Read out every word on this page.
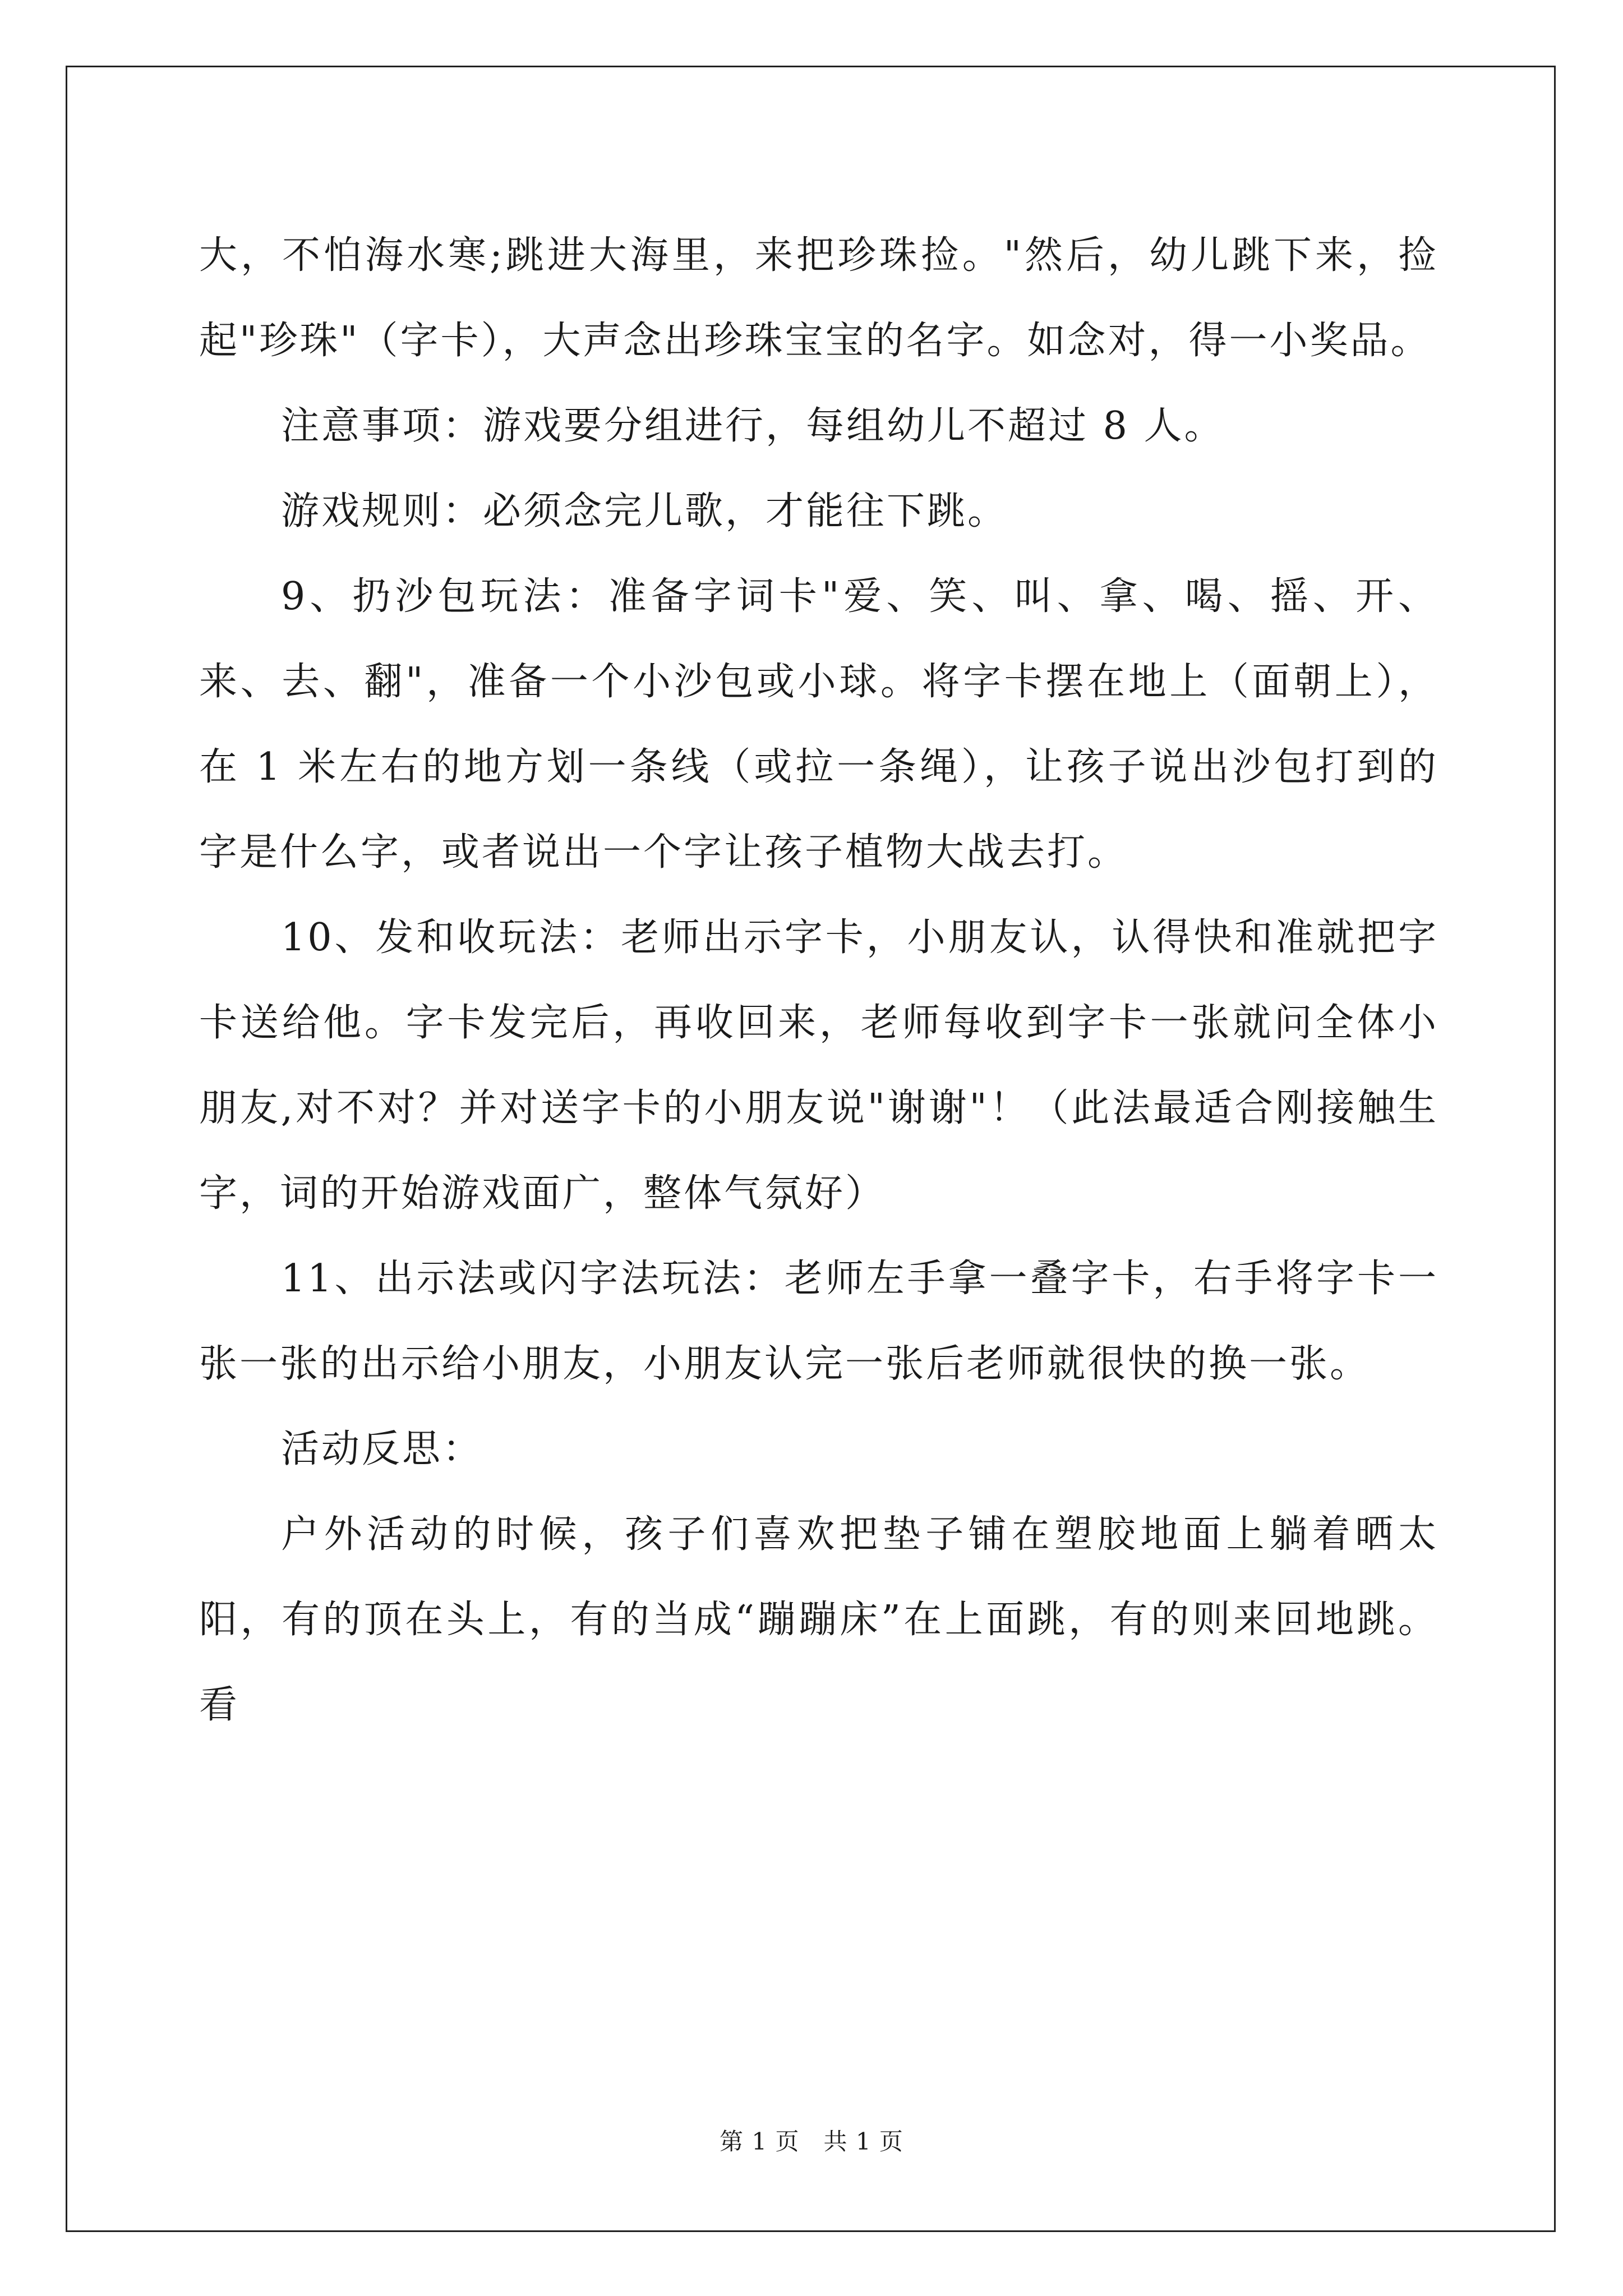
大，不怕海水寒;跳进大海里，来把珍珠捡。"然后，幼儿跳下来，捡起"珍珠"（字卡），大声念出珍珠宝宝的名字。如念对，得一小奖品。

注意事项：游戏要分组进行，每组幼儿不超过 8 人。

游戏规则：必须念完儿歌，才能往下跳。

9、扔沙包玩法：准备字词卡"爱、笑、叫、拿、喝、摇、开、来、去、翻"，准备一个小沙包或小球。将字卡摆在地上（面朝上），在 1 米左右的地方划一条线（或拉一条绳），让孩子说出沙包打到的字是什么字，或者说出一个字让孩子植物大战去打。

10、发和收玩法：老师出示字卡，小朋友认，认得快和准就把字卡送给他。字卡发完后，再收回来，老师每收到字卡一张就问全体小朋友,对不对？并对送字卡的小朋友说"谢谢"！（此法最适合刚接触生字，词的开始游戏面广，整体气氛好）

11、出示法或闪字法玩法：老师左手拿一叠字卡，右手将字卡一张一张的出示给小朋友，小朋友认完一张后老师就很快的换一张。

活动反思：

户外活动的时候，孩子们喜欢把垫子铺在塑胶地面上躺着晒太阳，有的顶在头上，有的当成“蹦蹦床”在上面跳，有的则来回地跳。看

第 1 页　共 1 页
